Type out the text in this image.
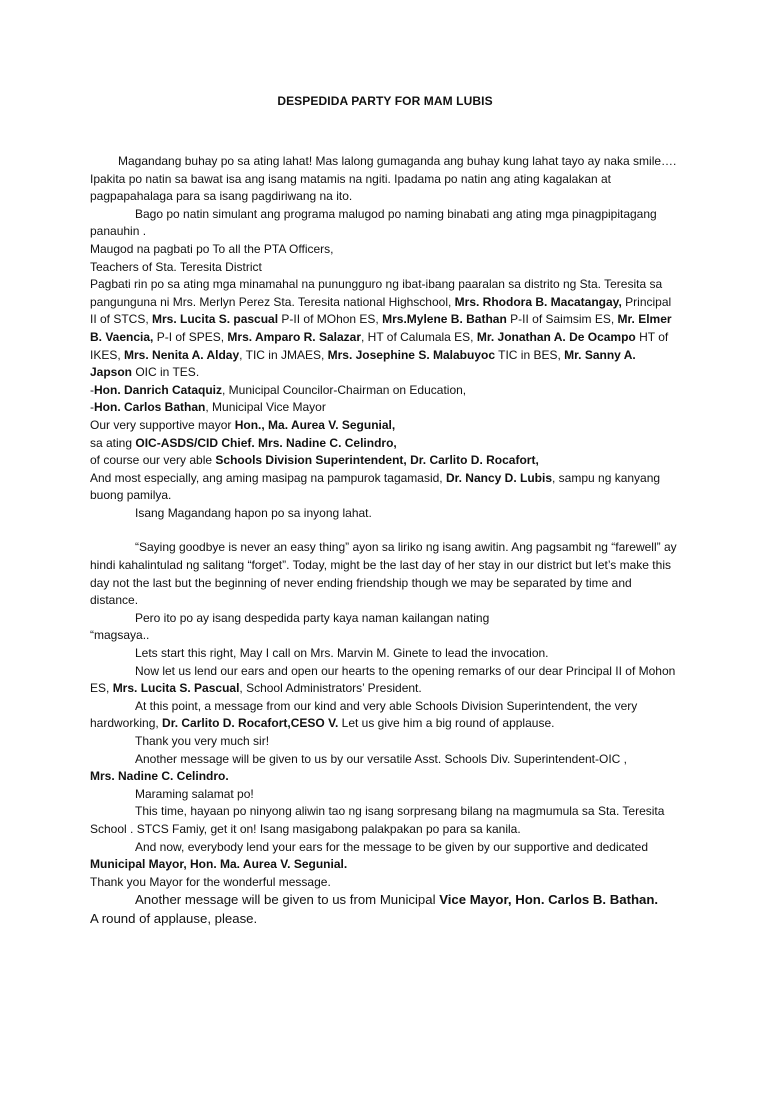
DESPEDIDA PARTY FOR MAM LUBIS

Magandang buhay po sa ating lahat! Mas lalong gumaganda ang buhay kung lahat tayo ay naka smile…. Ipakita po natin sa bawat isa ang isang matamis na ngiti. Ipadama po natin ang ating kagalakan at pagpapahalaga para sa isang pagdiriwang na ito.

Bago po natin simulant ang programa malugod po naming binabati ang ating mga pinagpipitagang panauhin .

Maugod na pagbati po To all the PTA Officers,

Teachers of Sta. Teresita District

Pagbati rin po sa ating mga minamahal na punungguro ng ibat-ibang paaralan sa distrito ng Sta. Teresita sa pangunguna ni Mrs. Merlyn Perez Sta. Teresita national Highschool, Mrs. Rhodora B. Macatangay, Principal II of STCS, Mrs. Lucita S. pascual P-II of MOhon ES, Mrs.Mylene B. Bathan P-II of Saimsim ES, Mr. Elmer B. Vaencia, P-I of SPES, Mrs. Amparo R. Salazar, HT of Calumala ES, Mr. Jonathan A. De Ocampo HT of IKES, Mrs. Nenita A. Alday, TIC in JMAES, Mrs. Josephine S. Malabuyoc TIC in BES, Mr. Sanny A. Japson OIC in TES.

-Hon. Danrich Cataquiz, Municipal Councilor-Chairman on Education,

-Hon. Carlos Bathan, Municipal Vice Mayor

Our very supportive mayor Hon., Ma. Aurea V. Segunial,

sa ating OIC-ASDS/CID Chief. Mrs. Nadine C. Celindro,

of course our very able Schools Division Superintendent, Dr. Carlito D. Rocafort,

And most especially, ang aming masipag na pampurok tagamasid, Dr. Nancy D. Lubis, sampu ng kanyang buong pamilya.

Isang Magandang hapon po sa inyong lahat.

“Saying goodbye is never an easy thing” ayon sa liriko ng isang awitin. Ang pagsambit ng “farewell” ay hindi kahalintulad ng salitang “forget”. Today, might be the last day of her stay in our district but let’s make this day not the last but the beginning of never ending friendship though we may be separated by time and distance.

Pero ito po ay isang despedida party kaya naman kailangan nating

“magsaya..

Lets start this right, May I call on Mrs. Marvin M. Ginete to lead the invocation.

Now let us lend our ears and open our hearts to the opening remarks of our dear Principal II of Mohon ES, Mrs. Lucita S. Pascual, School Administrators’ President.

At this point, a message from our kind and very able Schools Division Superintendent, the very hardworking, Dr. Carlito D. Rocafort,CESO V. Let us give him a big round of applause.

Thank you very much sir!

Another message will be given to us by our versatile Asst. Schools Div. Superintendent-OIC ,

Mrs. Nadine C. Celindro.

Maraming salamat po!

This time, hayaan po ninyong aliwin tao ng isang sorpresang bilang na magmumula sa Sta. Teresita School . STCS Famiy, get it on! Isang masigabong palakpakan po para sa kanila.

And now, everybody lend your ears for the message to be given by our supportive and dedicated Municipal Mayor, Hon. Ma. Aurea V. Segunial.

Thank you Mayor for the wonderful message.

Another message will be given to us from Municipal Vice Mayor, Hon. Carlos B. Bathan.

A round of applause, please.
